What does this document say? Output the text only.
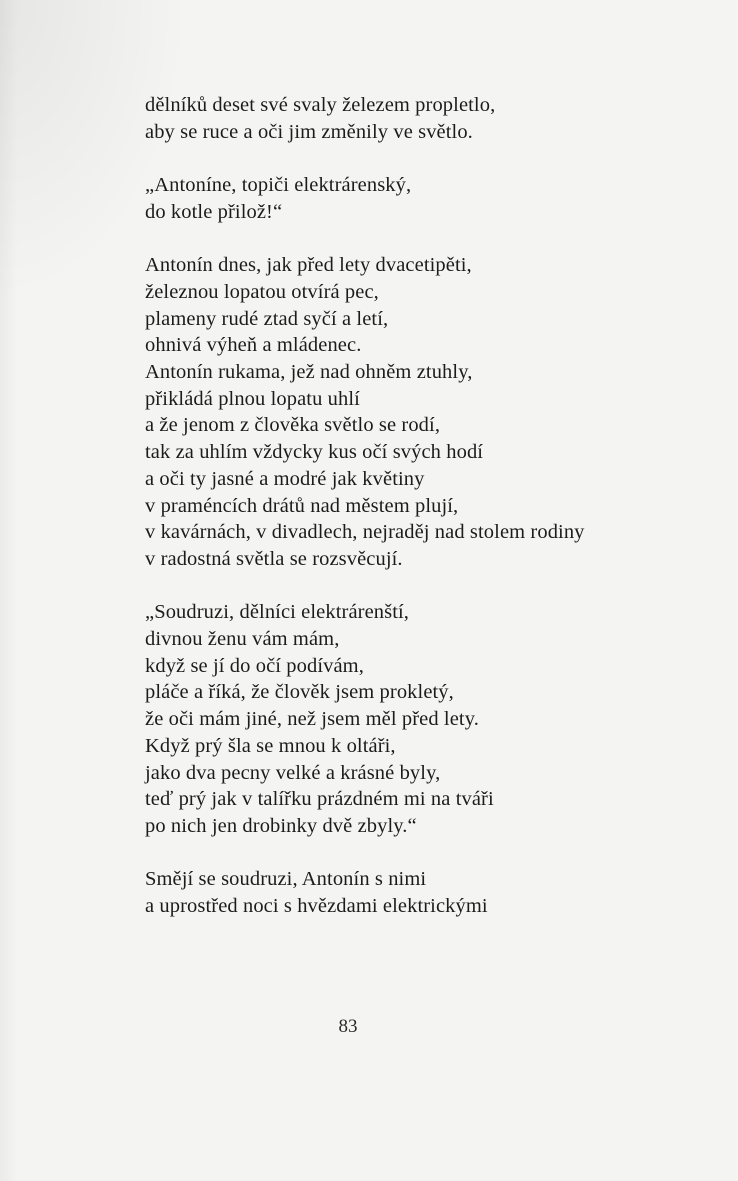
dělníků deset své svaly železem propletlo,
aby se ruce a oči jim změnily ve světlo.
„Antoníne, topiči elektrárenský,
do kotle přilož!“
Antonín dnes, jak před lety dvacetipěti,
železnou lopatou otvírá pec,
plameny rudé ztad syčí a letí,
ohnivá výheň a mládenec.
Antonín rukama, jež nad ohněm ztuhly,
přikládá plnou lopatu uhlí
a že jenom z člověka světlo se rodí,
tak za uhlím vždycky kus očí svých hodí
a oči ty jasné a modré jak květiny
v praméncích drátů nad městem plují,
v kavárnách, v divadlech, nejraděj nad stolem rodiny
v radostná světla se rozsvěcují.
„Soudruzi, dělníci elektrárenští,
divnou ženu vám mám,
když se jí do očí podívám,
pláče a říká, že člověk jsem prokletý,
že oči mám jiné, než jsem měl před lety.
Když prý šla se mnou k oltáři,
jako dva pecny velké a krásné byly,
teď prý jak v talířku prázdném mi na tváři
po nich jen drobinky dvě zbyly.“
Smějí se soudruzi, Antonín s nimi
a uprostřed noci s hvězdami elektrickými
83
